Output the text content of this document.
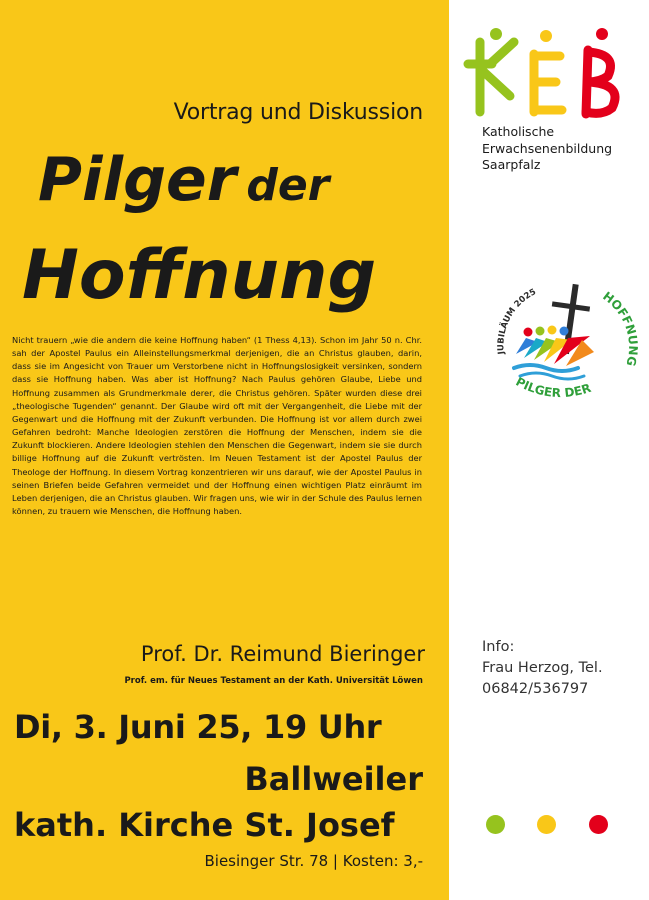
Vortrag und Diskussion
Pilger der
Hoffnung
Nicht trauern „wie die andern die keine Hoffnung haben“ (1 Thess 4,13). Schon im Jahr 50 n. Chr. sah der Apostel Paulus ein Alleinstellungsmerkmal derjenigen, die an Christus glauben, darin, dass sie im Angesicht von Trauer um Verstorbene nicht in Hoffnungslosigkeit versinken, sondern dass sie Hoffnung haben. Was aber ist Hoffnung? Nach Paulus gehören Glaube, Liebe und Hoffnung zusammen als Grundmerkmale derer, die Christus gehören. Später wurden diese drei „theologische Tugenden“ genannt. Der Glaube wird oft mit der Vergangenheit, die Liebe mit der Gegenwart und die Hoffnung mit der Zukunft verbunden. Die Hoffnung ist vor allem durch zwei Gefahren bedroht: Manche Ideologien zerstören die Hoffnung der Menschen, indem sie die Zukunft blockieren. Andere Ideologien stehlen den Menschen die Gegenwart, indem sie sie durch billige Hoffnung auf die Zukunft vertrösten. Im Neuen Testament ist der Apostel Paulus der Theologe der Hoffnung. In diesem Vortrag konzentrieren wir uns darauf, wie der Apostel Paulus in seinen Briefen beide Gefahren vermeidet und der Hoffnung einen wichtigen Platz einräumt im Leben derjenigen, die an Christus glauben. Wir fragen uns, wie wir in der Schule des Paulus lernen können, zu trauern wie Menschen, die Hoffnung haben.
Prof. Dr. Reimund Bieringer
Prof. em. für Neues Testament an der Kath. Universität Löwen
Di, 3. Juni 25, 19 Uhr
Ballweiler
kath. Kirche St. Josef
Biesinger Str. 78 | Kosten: 3,-
Katholische
Erwachsenenbildung
Saarpfalz
JUBILÄUM 2025	HOFFNUNG
PILGER DER
Info:
Frau Herzog, Tel.
06842/536797
